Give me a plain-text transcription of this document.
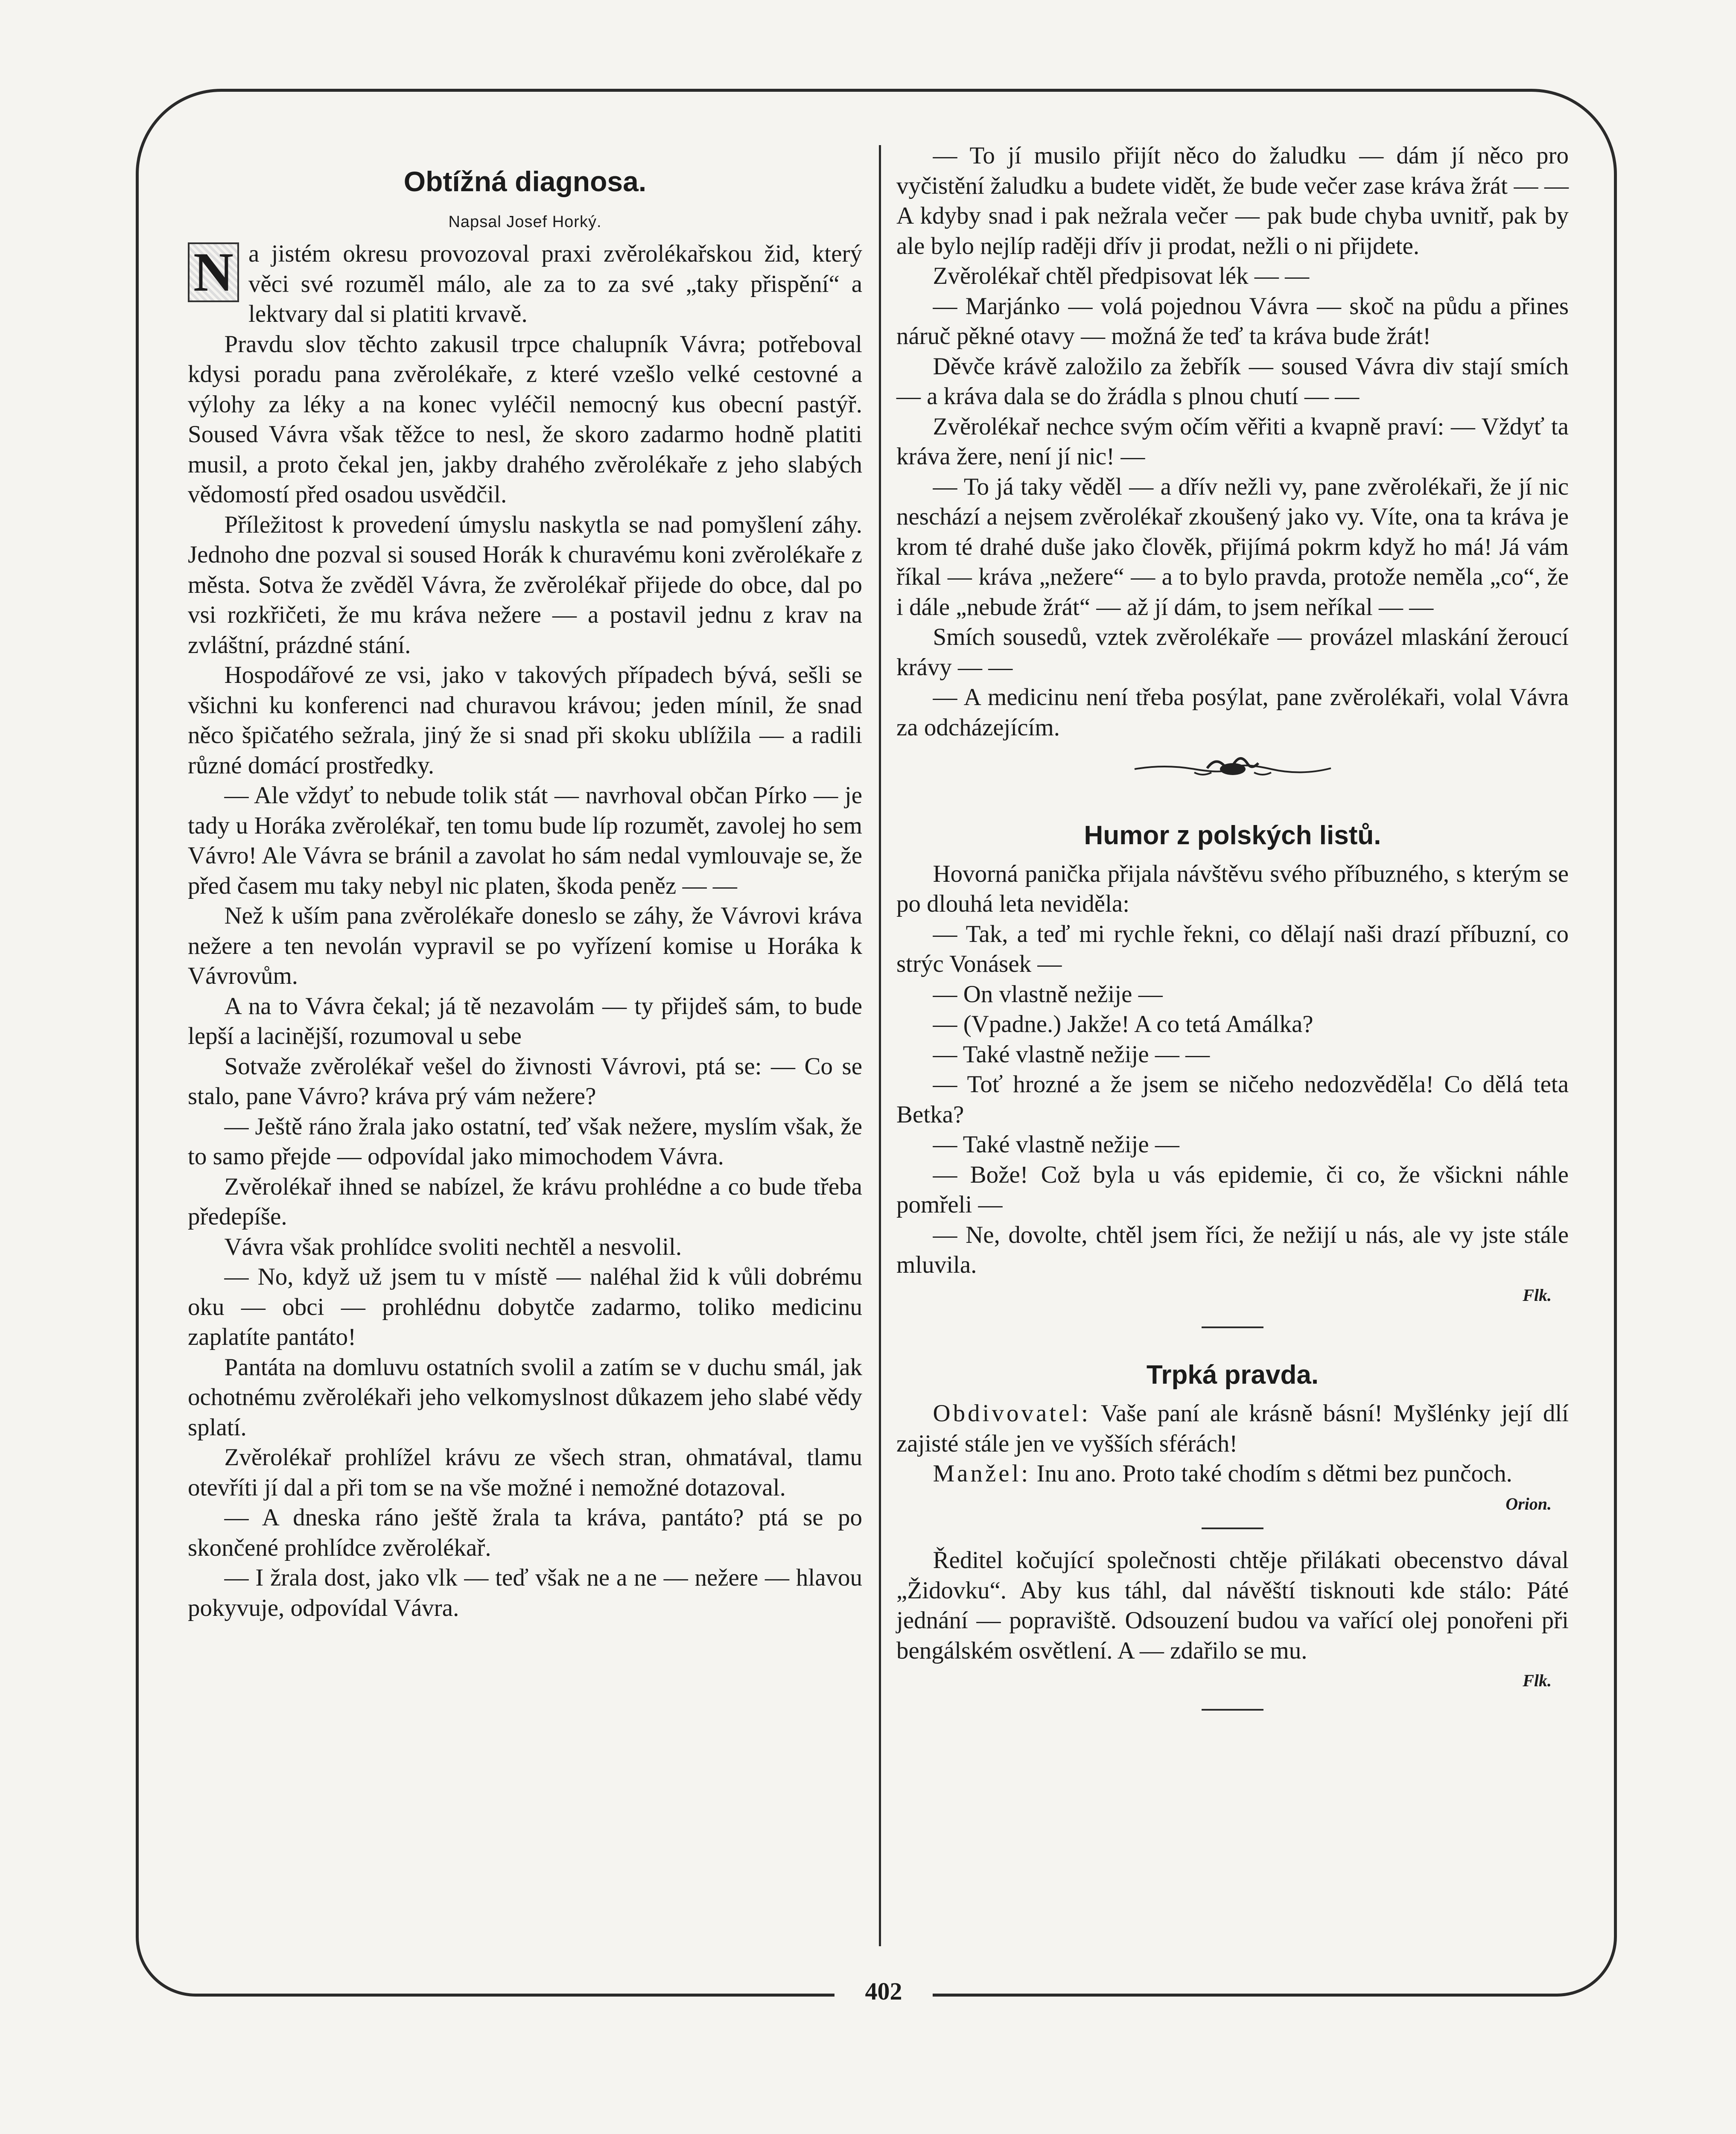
402
Obtížná diagnosa.
Napsal Josef Horký.
N a jistém okresu provozoval praxi zvěrolékařskou žid, který věci své rozuměl málo, ale za to za své „taky přispění“ a lektvary dal si platiti krvavě.

Pravdu slov těchto zakusil trpce chalupník Vávra; potřeboval kdysi poradu pana zvěrolékaře, z které vzešlo velké cestovné a výlohy za léky a na konec vyléčil nemocný kus obecní pastýř. Soused Vávra však těžce to nesl, že skoro zadarmo hodně platiti musil, a proto čekal jen, jakby drahého zvěrolékaře z jeho slabých vědomostí před osadou usvědčil.

Příležitost k provedení úmyslu naskytla se nad pomyšlení záhy. Jednoho dne pozval si soused Horák k churavému koni zvěrolékaře z města. Sotva že zvěděl Vávra, že zvěrolékař přijede do obce, dal po vsi rozkřičeti, že mu kráva nežere — a postavil jednu z krav na zvláštní, prázdné stání.

Hospodářové ze vsi, jako v takových případech bývá, sešli se všichni ku konferenci nad churavou krávou; jeden mínil, že snad něco špičatého sežrala, jiný že si snad při skoku ublížila — a radili různé domácí prostředky.

— Ale vždyť to nebude tolik stát — navrhoval občan Pírko — je tady u Horáka zvěrolékař, ten tomu bude líp rozumět, zavolej ho sem Vávro! Ale Vávra se bránil a zavolat ho sám nedal vymlouvaje se, že před časem mu taky nebyl nic platen, škoda peněz — —

Než k uším pana zvěrolékaře doneslo se záhy, že Vávrovi kráva nežere a ten nevolán vypravil se po vyřízení komise u Horáka k Vávrovům.

A na to Vávra čekal; já tě nezavolám — ty přijdeš sám, to bude lepší a lacinější, rozumoval u sebe

Sotvaže zvěrolékař vešel do živnosti Vávrovi, ptá se: — Co se stalo, pane Vávro? kráva prý vám nežere?

— Ještě ráno žrala jako ostatní, teď však nežere, myslím však, že to samo přejde — odpovídal jako mimochodem Vávra.

Zvěrolékař ihned se nabízel, že krávu prohlédne a co bude třeba předepíše.

Vávra však prohlídce svoliti nechtěl a nesvolil.

— No, když už jsem tu v místě — naléhal žid k vůli dobrému oku — obci — prohlédnu dobytče zadarmo, toliko medicinu zaplatíte pantáto!

Pantáta na domluvu ostatních svolil a zatím se v duchu smál, jak ochotnému zvěrolékaři jeho velkomyslnost důkazem jeho slabé vědy splatí.

Zvěrolékař prohlížel krávu ze všech stran, ohmatával, tlamu otevříti jí dal a při tom se na vše možné i nemožné dotazoval.

— A dneska ráno ještě žrala ta kráva, pantáto? ptá se po skončené prohlídce zvěrolékař.

— I žrala dost, jako vlk — teď však ne a ne — nežere — hlavou pokyvuje, odpovídal Vávra.

— To jí musilo přijít něco do žaludku — dám jí něco pro vyčistění žaludku a budete vidět, že bude večer zase kráva žrát — — A kdyby snad i pak nežrala večer — pak bude chyba uvnitř, pak by ale bylo nejlíp raději dřív ji prodat, nežli o ni přijdete.

Zvěrolékař chtěl předpisovat lék — —

— Marjánko — volá pojednou Vávra — skoč na půdu a přines náruč pěkné otavy — možná že teď ta kráva bude žrát!

Děvče krávě založilo za žebřík — soused Vávra div stají smích — a kráva dala se do žrádla s plnou chutí — —

Zvěrolékař nechce svým očím věřiti a kvapně praví: — Vždyť ta kráva žere, není jí nic! —

— To já taky věděl — a dřív nežli vy, pane zvěrolékaři, že jí nic neschází a nejsem zvěrolékař zkoušený jako vy. Víte, ona ta kráva je krom té drahé duše jako člověk, přijímá pokrm když ho má! Já vám říkal — kráva „nežere“ — a to bylo pravda, protože neměla „co“, že i dále „nebude žrát“ — až jí dám, to jsem neříkal — —

Smích sousedů, vztek zvěrolékaře — provázel mlaskání žeroucí krávy — —

— A medicinu není třeba posýlat, pane zvěrolékaři, volal Vávra za odcházejícím.

Humor z polských listů.

Hovorná panička přijala návštěvu svého příbuzného, s kterým se po dlouhá leta neviděla:

— Tak, a teď mi rychle řekni, co dělají naši drazí příbuzní, co strýc Vonásek —

— On vlastně nežije —

— (Vpadne.) Jakže! A co tetá Amálka?

— Také vlastně nežije — —

— Toť hrozné a že jsem se ničeho nedozvěděla! Co dělá teta Betka?

— Také vlastně nežije —

— Bože! Což byla u vás epidemie, či co, že všickni náhle pomřeli —

— Ne, dovolte, chtěl jsem říci, že nežijí u nás, ale vy jste stále mluvila.

Flk.
Trpká pravda.

Obdivovatel: Vaše paní ale krásně básní! Myšlénky její dlí zajisté stále jen ve vyšších sférách!

Manžel: Inu ano. Proto také chodím s dětmi bez punčoch.

Orion.

Ředitel kočující společnosti chtěje přilákati obecenstvo dával „Židovku“. Aby kus táhl, dal návěští tisknouti kde stálo: Páté jednání — popraviště. Odsouzení budou va vařící olej ponořeni při bengálském osvětlení. A — zdařilo se mu.

Flk.
